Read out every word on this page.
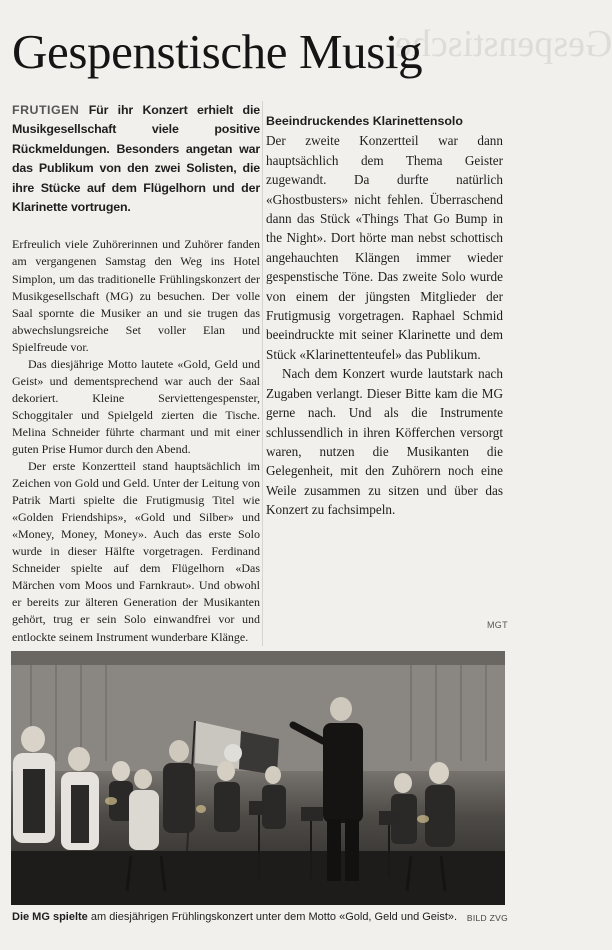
Gespenstische
Gespenstische Musig
FRUTIGEN Für ihr Konzert erhielt die Musikgesellschaft viele positive Rückmeldungen. Besonders angetan war das Publikum von den zwei Solisten, die ihre Stücke auf dem Flügelhorn und der Klarinette vortrugen.

Erfreulich viele Zuhörerinnen und Zuhörer fanden am vergangenen Samstag den Weg ins Hotel Simplon, um das traditionelle Frühlingskonzert der Musikgesellschaft (MG) zu besuchen. Der volle Saal spornte die Musiker an und sie trugen das abwechslungsreiche Set voller Elan und Spielfreude vor.

Das diesjährige Motto lautete «Gold, Geld und Geist» und dementsprechend war auch der Saal dekoriert. Kleine Serviettengespenster, Schoggitaler und Spielgeld zierten die Tische. Melina Schneider führte charmant und mit einer guten Prise Humor durch den Abend.

Der erste Konzertteil stand hauptsächlich im Zeichen von Gold und Geld. Unter der Leitung von Patrik Marti spielte die Frutigmusig Titel wie «Golden Friendships», «Gold und Silber» und «Money, Money, Money». Auch das erste Solo wurde in dieser Hälfte vorgetragen. Ferdinand Schneider spielte auf dem Flügelhorn «Das Märchen vom Moos und Farnkraut». Und obwohl er bereits zur älteren Generation der Musikanten gehört, trug er sein Solo einwandfrei vor und entlockte seinem Instrument wunderbare Klänge.

Beeindruckendes Klarinettensolo

Der zweite Konzertteil war dann hauptsächlich dem Thema Geister zugewandt. Da durfte natürlich «Ghostbusters» nicht fehlen. Überraschend dann das Stück «Things That Go Bump in the Night». Dort hörte man nebst schottisch angehauchten Klängen immer wieder gespenstische Töne. Das zweite Solo wurde von einem der jüngsten Mitglieder der Frutigmusig vorgetragen. Raphael Schmid beeindruckte mit seiner Klarinette und dem Stück «Klarinettenteufel» das Publikum.

Nach dem Konzert wurde lautstark nach Zugaben verlangt. Dieser Bitte kam die MG gerne nach. Und als die Instrumente schlussendlich in ihren Köfferchen versorgt waren, nutzen die Musikanten die Gelegenheit, mit den Zuhörern noch eine Weile zusammen zu sitzen und über das Konzert zu fachsimpeln.

MGT
Die MG spielte am diesjährigen Frühlingskonzert unter dem Motto «Gold, Geld und Geist». BILD ZVG
